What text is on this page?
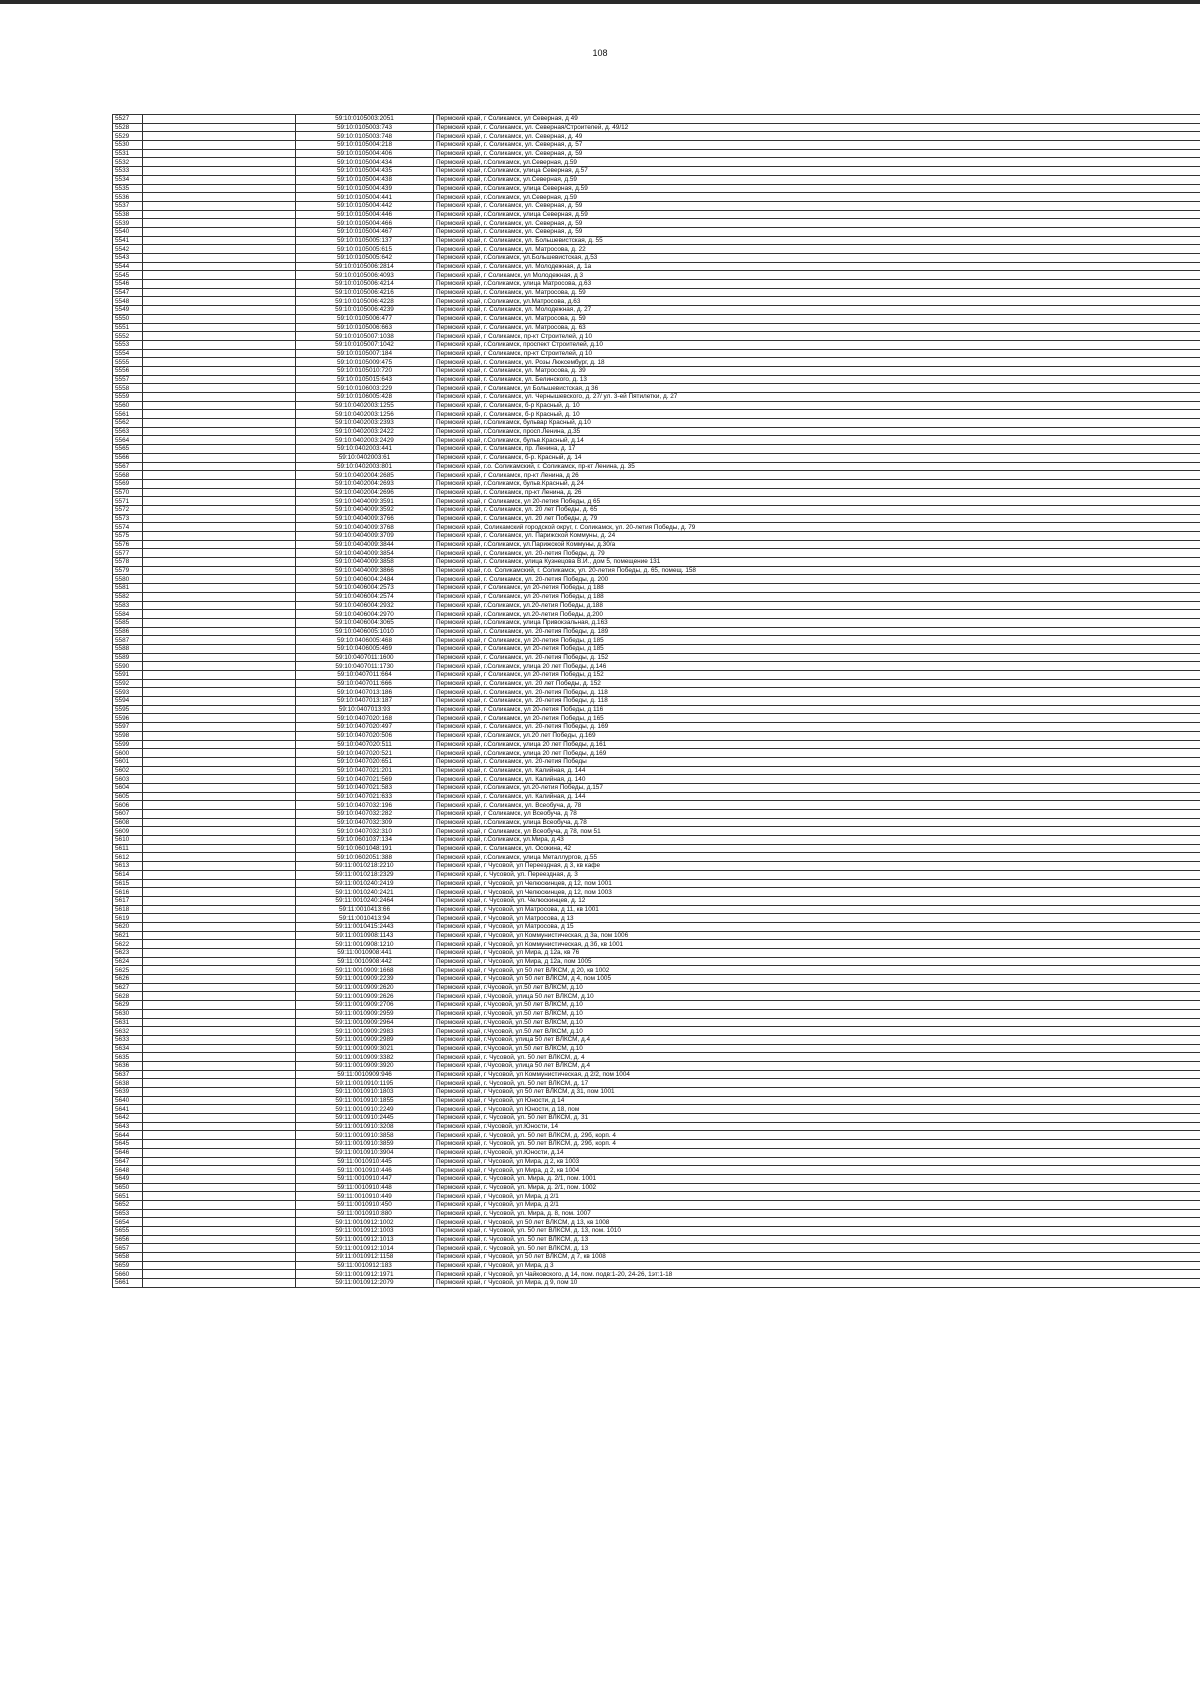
108
5527		59:10:0105003:2051	Пермский край, г Соликамск, ул Северная, д 49
5528		59:10:0105003:743	Пермский край, г. Соликамск, ул. Северная/Строителей, д. 49/12
5529		59:10:0105003:748	Пермский край, г. Соликамск, ул. Северная, д. 49
5530		59:10:0105004:218	Пермский край, г. Соликамск, ул. Северная, д. 57
5531		59:10:0105004:406	Пермский край, г. Соликамск, ул. Северная, д. 59
5532		59:10:0105004:434	Пермский край, г.Соликамск, ул.Северная, д.59
5533		59:10:0105004:435	Пермский край, г.Соликамск, улица Северная, д.57
5534		59:10:0105004:438	Пермский край, г.Соликамск, ул.Северная, д.59
5535		59:10:0105004:439	Пермский край, г.Соликамск, улица Северная, д.59
5536		59:10:0105004:441	Пермский край, г.Соликамск, ул.Северная, д.59
5537		59:10:0105004:442	Пермский край, г. Соликамск, ул. Северная, д. 59
5538		59:10:0105004:446	Пермский край, г.Соликамск, улица Северная, д.59
5539		59:10:0105004:466	Пермский край, г. Соликамск, ул. Северная, д. 59
5540		59:10:0105004:467	Пермский край, г. Соликамск, ул. Северная, д. 59
5541		59:10:0105005:137	Пермский край, г. Соликамск, ул. Большевистская, д. 55
5542		59:10:0105005:615	Пермский край, г. Соликамск, ул. Матросова, д. 22
5543		59:10:0105005:642	Пермский край, г.Соликамск, ул.Большевистская, д.53
5544		59:10:0105006:2814	Пермский край, г. Соликамск, ул. Молодежная, д. 1а
5545		59:10:0105006:4093	Пермский край, г Соликамск, ул Молодежная, д 3
5546		59:10:0105006:4214	Пермский край, г.Соликамск, улица Матросова, д.63
5547		59:10:0105006:4216	Пермский край, г. Соликамск, ул. Матросова, д. 59
5548		59:10:0105006:4228	Пермский край, г.Соликамск, ул.Матросова, д.63
5549		59:10:0105006:4239	Пермский край, г. Соликамск, ул. Молодежная, д. 27
5550		59:10:0105006:477	Пермский край, г. Соликамск, ул. Матросова, д. 59
5551		59:10:0105006:663	Пермский край, г. Соликамск, ул. Матросова, д. 63
5552		59:10:0105007:1038	Пермский край, г Соликамск, пр-кт Строителей, д 10
5553		59:10:0105007:1042	Пермский край, г.Соликамск, проспект Строителей, д.10
5554		59:10:0105007:184	Пермский край, г Соликамск, пр-кт Строителей, д 10
5555		59:10:0105009:475	Пермский край, г. Соликамск, ул. Розы Люксембург, д. 18
5556		59:10:0105010:720	Пермский край, г. Соликамск, ул. Матросова, д. 39
5557		59:10:0105015:643	Пермский край, г. Соликамск, ул. Белинского, д. 13
5558		59:10:0106003:229	Пермский край, г Соликамск, ул Большевистская, д 36
5559		59:10:0106005:428	Пермский край, г. Соликамск, ул. Чернышевского, д. 27/ ул. 3-ей Пятилетки, д. 27
5560		59:10:0402003:1255	Пермский край, г. Соликамск, б-р Красный, д. 10
5561		59:10:0402003:1256	Пермский край, г. Соликамск, б-р Красный, д. 10
5562		59:10:0402003:2393	Пермский край, г.Соликамск, бульвар Красный, д.10
5563		59:10:0402003:2422	Пермский край, г.Соликамск, просп.Ленина, д.35
5564		59:10:0402003:2429	Пермский край, г.Соликамск, бульв.Красный, д.14
5565		59:10:0402003:441	Пермский край, г. Соликамск, пр. Ленина, д. 17
5566		59:10:0402003:61	Пермский край, г. Соликамск, б-р. Красный, д. 14
5567		59:10:0402003:801	Пермский край, г.о. Соликамский, г. Соликамск, пр-кт Ленина, д. 35
5568		59:10:0402004:2685	Пермский край, г Соликамск, пр-кт Ленина, д 26
5569		59:10:0402004:2693	Пермский край, г.Соликамск, бульв.Красный, д.24
5570		59:10:0402004:2696	Пермский край, г. Соликамск, пр-кт Ленина, д. 26
5571		59:10:0404009:3591	Пермский край, г Соликамск, ул 20-летия Победы, д 65
5572		59:10:0404009:3592	Пермский край, г. Соликамск, ул. 20 лет Победы, д. 65
5573		59:10:0404009:3766	Пермский край, г. Соликамск, ул. 20 лет Победы, д. 79
5574		59:10:0404009:3768	Пермский край, Соликамский городской округ, г. Соликамск, ул. 20-летия Победы, д. 79
5575		59:10:0404009:3709	Пермский край, г. Соликамск, ул. Парижской Коммуны, д. 24
5576		59:10:0404009:3844	Пермский край, г.Соликамск, ул.Парижской Коммуны, д.30/а
5577		59:10:0404009:3854	Пермский край, г. Соликамск, ул. 20-летия Победы, д. 79
5578		59:10:0404009:3858	Пермский край, г. Соликамск, улица Кузнецова В.И., дом 5, помещение 131
5579		59:10:0404009:3866	Пермский край, г.о. Соликамский, г. Соликамск, ул. 20-летия Победы, д. 65, помещ. 158
5580		59:10:0406004:2484	Пермский край, г. Соликамск, ул. 20-летия Победы, д. 200
5581		59:10:0406004:2573	Пермский край, г Соликамск, ул 20-летия Победы, д 188
5582		59:10:0406004:2574	Пермский край, г Соликамск, ул 20-летия Победы, д 188
5583		59:10:0406004:2932	Пермский край, г.Соликамск, ул.20-летия Победы, д.188
5584		59:10:0406004:2970	Пермский край, г.Соликамск, ул.20-летия Победы, д.200
5585		59:10:0406004:3065	Пермский край, г.Соликамск, улица Привокзальная, д.163
5586		59:10:0406005:1010	Пермский край, г. Соликамск, ул. 20-летия Победы, д. 189
5587		59:10:0406005:468	Пермский край, г Соликамск, ул 20-летия Победы, д 185
5588		59:10:0406005:469	Пермский край, г Соликамск, ул 20-летия Победы, д 185
5589		59:10:0407011:1600	Пермский край, г. Соликамск, ул. 20-летия Победы, д. 152
5590		59:10:0407011:1730	Пермский край, г.Соликамск, улица 20 лет Победы, д.146
5591		59:10:0407011:664	Пермский край, г Соликамск, ул 20-летия Победы, д 152
5592		59:10:0407011:666	Пермский край, г. Соликамск, ул. 20 лет Победы, д. 152
5593		59:10:0407013:186	Пермский край, г. Соликамск, ул. 20-летия Победы, д. 118
5594		59:10:0407013:187	Пермский край, г. Соликамск, ул. 20-летия Победы, д. 118
5595		59:10:0407013:93	Пермский край, г Соликамск, ул 20-летия Победы, д 116
5596		59:10:0407020:168	Пермский край, г Соликамск, ул 20-летия Победы, д 165
5597		59:10:0407020:497	Пермский край, г. Соликамск, ул. 20-летия Победы, д. 169
5598		59:10:0407020:506	Пермский край, г.Соликамск, ул.20 лет Победы, д.169
5599		59:10:0407020:511	Пермский край, г.Соликамск, улица 20 лет Победы, д.161
5600		59:10:0407020:521	Пермский край, г.Соликамск, улица 20 лет Победы, д.169
5601		59:10:0407020:651	Пермский край, г. Соликамск, ул. 20-летия Победы
5602		59:10:0407021:201	Пермский край, г. Соликамск, ул. Калийная, д. 144
5603		59:10:0407021:569	Пермский край, г. Соликамск, ул. Калийная, д. 140
5604		59:10:0407021:583	Пермский край, г.Соликамск, ул.20-летия Победы, д.157
5605		59:10:0407021:633	Пермский край, г. Соликамск, ул. Калийная, д. 144
5606		59:10:0407032:196	Пермский край, г. Соликамск, ул. Всеобуча, д. 78
5607		59:10:0407032:282	Пермский край, г Соликамск, ул Всеобуча, д 78
5608		59:10:0407032:309	Пермский край, г.Соликамск, улица Всеобуча, д.78
5609		59:10:0407032:310	Пермский край, г Соликамск, ул Всеобуча, д 78, пом 51
5610		59:10:0601037:134	Пермский край, г.Соликамск, ул.Мира, д.43
5611		59:10:0601048:191	Пермский край, г. Соликамск, ул. Осокина, 42
5612		59:10:0602051:388	Пермский край, г.Соликамск, улица Металлургов, д.55
5613		59:11:0010218:2210	Пермский край, г Чусовой, ул Переездная, д 3, кв кафе
5614		59:11:0010218:2329	Пермский край, г. Чусовой, ул. Переездная, д. 3
5615		59:11:0010240:2419	Пермский край, г Чусовой, ул Челюскинцев, д 12, пом 1001
5616		59:11:0010240:2421	Пермский край, г Чусовой, ул Челюскинцев, д 12, пом 1003
5617		59:11:0010240:2464	Пермский край, г. Чусовой, ул. Челюскинцев, д. 12
5618		59:11:0010413:66	Пермский край, г Чусовой, ул Матросова, д 11, кв 1001
5619		59:11:0010413:94	Пермский край, г Чусовой, ул Матросова, д 13
5620		59:11:0010415:2443	Пермский край, г Чусовой, ул Матросова, д 15
5621		59:11:0010908:1143	Пермский край, г Чусовой, ул Коммунистическая, д 3а, пом 1006
5622		59:11:0010908:1210	Пермский край, г Чусовой, ул Коммунистическая, д 3б, кв 1001
5623		59:11:0010908:441	Пермский край, г Чусовой, ул Мира, д 12а, кв 76
5624		59:11:0010908:442	Пермский край, г Чусовой, ул Мира, д 12а, пом 1005
5625		59:11:0010909:1668	Пермский край, г Чусовой, ул 50 лет ВЛКСМ, д 20, кв 1002
5626		59:11:0010909:2239	Пермский край, г Чусовой, ул 50 лет ВЛКСМ, д 4, пом 1005
5627		59:11:0010909:2620	Пермский край, г.Чусовой, ул.50 лет ВЛКСМ, д.10
5628		59:11:0010909:2626	Пермский край, г.Чусовой, улица 50 лет ВЛКСМ, д.10
5629		59:11:0010909:2706	Пермский край, г.Чусовой, ул.50 лет ВЛКСМ, д.10
5630		59:11:0010909:2959	Пермский край, г.Чусовой, ул.50 лет ВЛКСМ, д.10
5631		59:11:0010909:2964	Пермский край, г.Чусовой, ул.50 лет ВЛКСМ, д.10
5632		59:11:0010909:2983	Пермский край, г.Чусовой, ул.50 лет ВЛКСМ, д.10
5633		59:11:0010909:2989	Пермский край, г.Чусовой, улица 50 лет ВЛКСМ, д.4
5634		59:11:0010909:3021	Пермский край, г.Чусовой, ул.50 лет ВЛКСМ, д.10
5635		59:11:0010909:3382	Пермский край, г. Чусовой, ул. 50 лет ВЛКСМ, д. 4
5636		59:11:0010909:3920	Пермский край, г.Чусовой, улица 50 лет ВЛКСМ, д.4
5637		59:11:0010909:946	Пермский край, г Чусовой, ул Коммунистическая, д 2/2, пом 1004
5638		59:11:0010910:1195	Пермский край, г. Чусовой, ул. 50 лет ВЛКСМ, д. 17
5639		59:11:0010910:1803	Пермский край, г Чусовой, ул 50 лет ВЛКСМ, д 31, пом 1001
5640		59:11:0010910:1855	Пермский край, г Чусовой, ул Юности, д 14
5641		59:11:0010910:2249	Пермский край, г Чусовой, ул Юности, д 18, пом
5642		59:11:0010910:2445	Пермский край, г. Чусовой, ул. 50 лет ВЛКСМ, д. 31
5643		59:11:0010910:3208	Пермский край, г.Чусовой, ул.Юности, 14
5644		59:11:0010910:3858	Пермский край, г. Чусовой, ул. 50 лет ВЛКСМ, д. 29б, корп. 4
5645		59:11:0010910:3859	Пермский край, г. Чусовой, ул. 50 лет ВЛКСМ, д. 29б, корп. 4
5646		59:11:0010910:3904	Пермский край, г.Чусовой, ул.Юности, д.14
5647		59:11:0010910:445	Пермский край, г Чусовой, ул Мира, д 2, кв 1003
5648		59:11:0010910:446	Пермский край, г Чусовой, ул Мира, д 2, кв 1004
5649		59:11:0010910:447	Пермский край, г. Чусовой, ул. Мира, д. 2/1, пом. 1001
5650		59:11:0010910:448	Пермский край, г. Чусовой, ул. Мира, д. 2/1, пом. 1002
5651		59:11:0010910:449	Пермский край, г Чусовой, ул Мира, д 2/1
5652		59:11:0010910:450	Пермский край, г Чусовой, ул Мира, д 2/1
5653		59:11:0010910:880	Пермский край, г. Чусовой, ул. Мира, д. 8, пом. 1007
5654		59:11:0010912:1002	Пермский край, г Чусовой, ул 50 лет ВЛКСМ, д 13, кв 1008
5655		59:11:0010912:1003	Пермский край, г. Чусовой, ул. 50 лет ВЛКСМ, д. 13, пом. 1010
5656		59:11:0010912:1013	Пермский край, г. Чусовой, ул. 50 лет ВЛКСМ, д. 13
5657		59:11:0010912:1014	Пермский край, г. Чусовой, ул. 50 лет ВЛКСМ, д. 13
5658		59:11:0010912:1158	Пермский край, г Чусовой, ул 50 лет ВЛКСМ, д 7, кв 1008
5659		59:11:0010912:183	Пермский край, г Чусовой, ул Мира, д 3
5660		59:11:0010912:1971	Пермский край, г Чусовой, ул Чайковского, д 14, пом. подв:1-20, 24-26, 1эт:1-18
5661		59:11:0010912:2079	Пермский край, г Чусовой, ул Мира, д 9, пом 10
